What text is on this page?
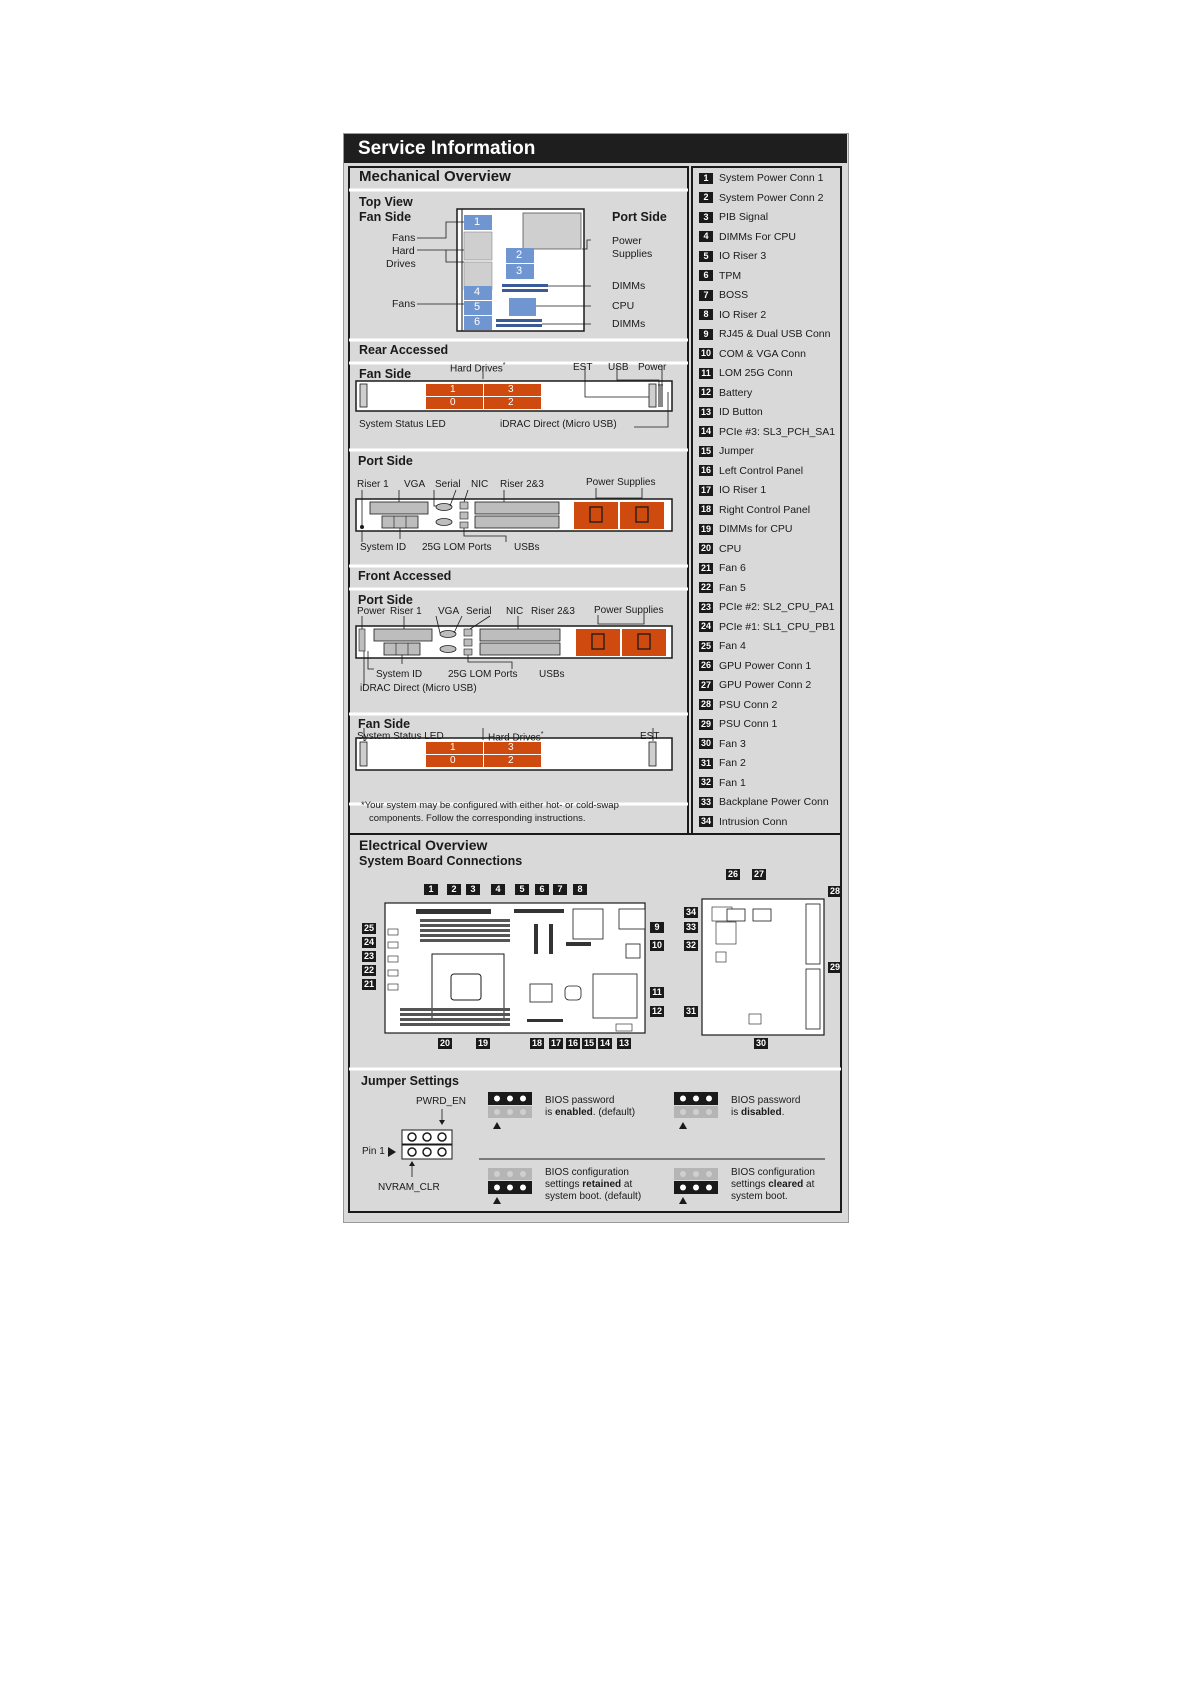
Service Information
Mechanical Overview
Top View
Fan Side	Port Side
Fans
Hard
Drives
Fans
Power
Supplies
DIMMs
CPU
DIMMs
1
4
5
6
2
3
Rear Accessed
Fan Side	Hard Drives*	EST USB Power
1	3
0	2
System Status LED	iDRAC Direct (Micro USB)
Port Side
Riser 1 VGA Serial NIC Riser 2&3	Power Supplies
System ID 25G LOM Ports USBs
Front Accessed
Port Side
Power Riser 1 VGA Serial NIC Riser 2&3 Power Supplies
System ID	25G LOM Ports USBs
iDRAC Direct (Micro USB)
Fan Side
System Status LED	Hard Drives*	EST
1	3
0	2
*Your system may be configured with either hot- or cold-swap
components. Follow the corresponding instructions.
1	System Power Conn 1
2	System Power Conn 2
3	PIB Signal
4	DIMMs For CPU
5	IO Riser 3
6	TPM
7	BOSS
8	IO Riser 2
9	RJ45 & Dual USB Conn
10 COM & VGA Conn
11 LOM 25G Conn
12 Battery
13 ID Button
14 PCIe #3: SL3_PCH_SA1
15 Jumper
16 Left Control Panel
17 IO Riser 1
18 Right Control Panel
19 DIMMs for CPU
20 CPU
21 Fan 6
22 Fan 5
23 PCIe #2: SL2_CPU_PA1
24 PCIe #1: SL1_CPU_PB1
25 Fan 4
26 GPU Power Conn 1
27 GPU Power Conn 2
28 PSU Conn 2
29 PSU Conn 1
30 Fan 3
31 Fan 2
32 Fan 1
33 Backplane Power Conn
34 Intrusion Conn
Electrical Overview
System Board Connections
1	2	3	4	5	6	7	8
9
10
11
12
13
14
15
16
17
18
19
20
21
22
23
24
25
26 27
28
29
30
31
32
33
34
Jumper Settings
PWRD_EN
Pin 1
NVRAM_CLR
BIOS password
is enabled. (default)
BIOS password
is disabled.
BIOS configuration
settings retained at
system boot. (default)
BIOS configuration
settings cleared at
system boot.
